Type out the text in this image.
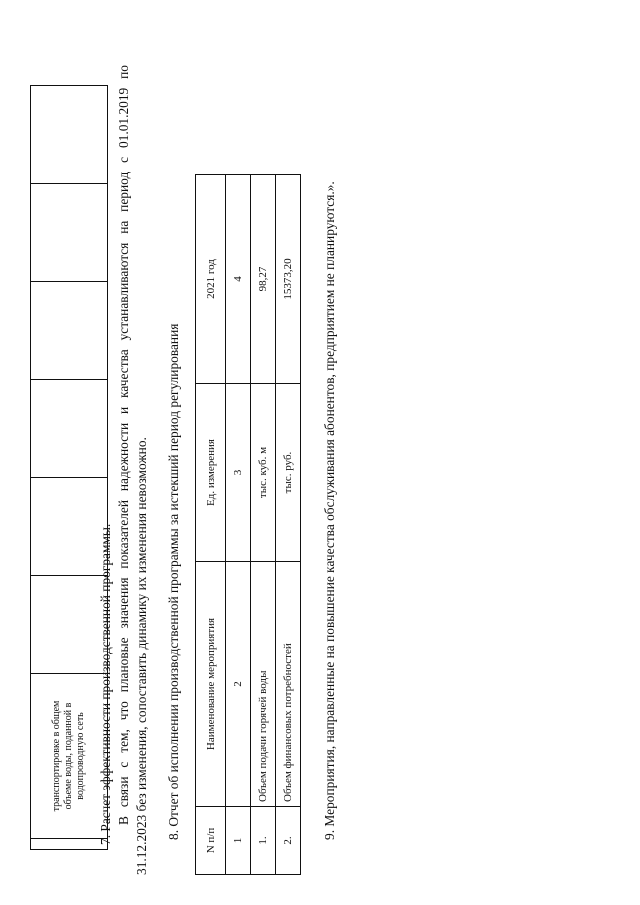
транспортировке в общем объеме воды, поданной в водопроводную сеть
						7. Расчет эффективности производственной программы. В связи с тем, что плановые значения показателей надежности и качества устанавливаются на период с 01.01.2019 по 31.12.2023 без изменения, сопоставить динамику их изменения невозможно. 8. Отчет об исполнении производственной программы за истекший период регулирования
N п/п	Наименование мероприятия	Ед. измерения	2021 год
1	2	3	4
1.	Объем подачи горячей воды	тыс. куб. м	98,27
2.	Объем финансовых потребностей	тыс. руб.	15373,20 9. Мероприятия, направленные на повышение качества обслуживания абонентов, предприятием не планируются.».
